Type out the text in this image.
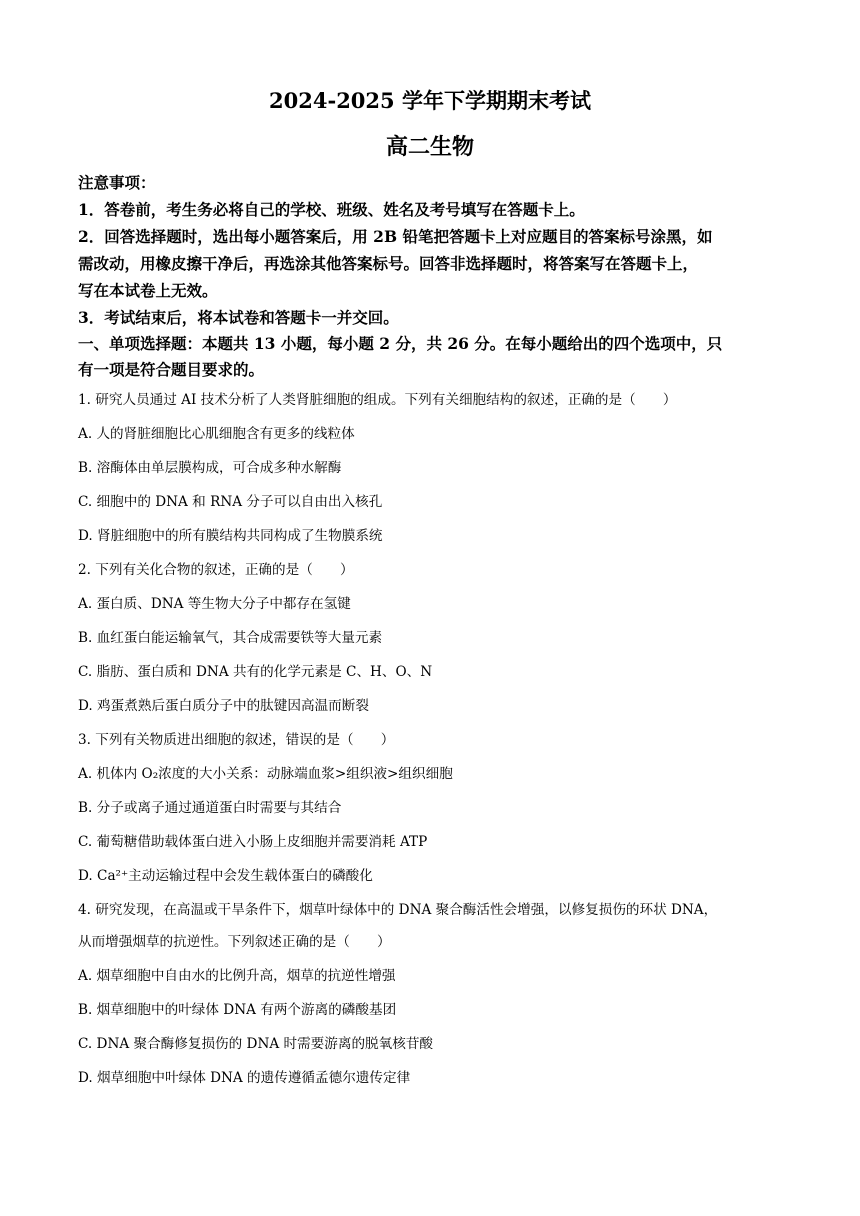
2024-2025 学年下学期期末考试
高二生物
注意事项：
1．答卷前，考生务必将自己的学校、班级、姓名及考号填写在答题卡上。
2．回答选择题时，选出每小题答案后，用 2B 铅笔把答题卡上对应题目的答案标号涂黑，如
需改动，用橡皮擦干净后，再选涂其他答案标号。回答非选择题时，将答案写在答题卡上，
写在本试卷上无效。
3．考试结束后，将本试卷和答题卡一并交回。
一、单项选择题：本题共 13 小题，每小题 2 分，共 26 分。在每小题给出的四个选项中，只
有一项是符合题目要求的。
1. 研究人员通过 AI 技术分析了人类肾脏细胞的组成。下列有关细胞结构的叙述，正确的是（　　）
A. 人的肾脏细胞比心肌细胞含有更多的线粒体
B. 溶酶体由单层膜构成，可合成多种水解酶
C. 细胞中的 DNA 和 RNA 分子可以自由出入核孔
D. 肾脏细胞中的所有膜结构共同构成了生物膜系统
2. 下列有关化合物的叙述，正确的是（　　）
A. 蛋白质、DNA 等生物大分子中都存在氢键
B. 血红蛋白能运输氧气，其合成需要铁等大量元素
C. 脂肪、蛋白质和 DNA 共有的化学元素是 C、H、O、N
D. 鸡蛋煮熟后蛋白质分子中的肽键因高温而断裂
3. 下列有关物质进出细胞的叙述，错误的是（　　）
A. 机体内 O₂浓度的大小关系：动脉端血浆>组织液>组织细胞
B. 分子或离子通过通道蛋白时需要与其结合
C. 葡萄糖借助载体蛋白进入小肠上皮细胞并需要消耗 ATP
D. Ca²⁺主动运输过程中会发生载体蛋白的磷酸化
4. 研究发现，在高温或干旱条件下，烟草叶绿体中的 DNA 聚合酶活性会增强，以修复损伤的环状 DNA，
从而增强烟草的抗逆性。下列叙述正确的是（　　）
A. 烟草细胞中自由水的比例升高，烟草的抗逆性增强
B. 烟草细胞中的叶绿体 DNA 有两个游离的磷酸基团
C. DNA 聚合酶修复损伤的 DNA 时需要游离的脱氧核苷酸
D. 烟草细胞中叶绿体 DNA 的遗传遵循孟德尔遗传定律
